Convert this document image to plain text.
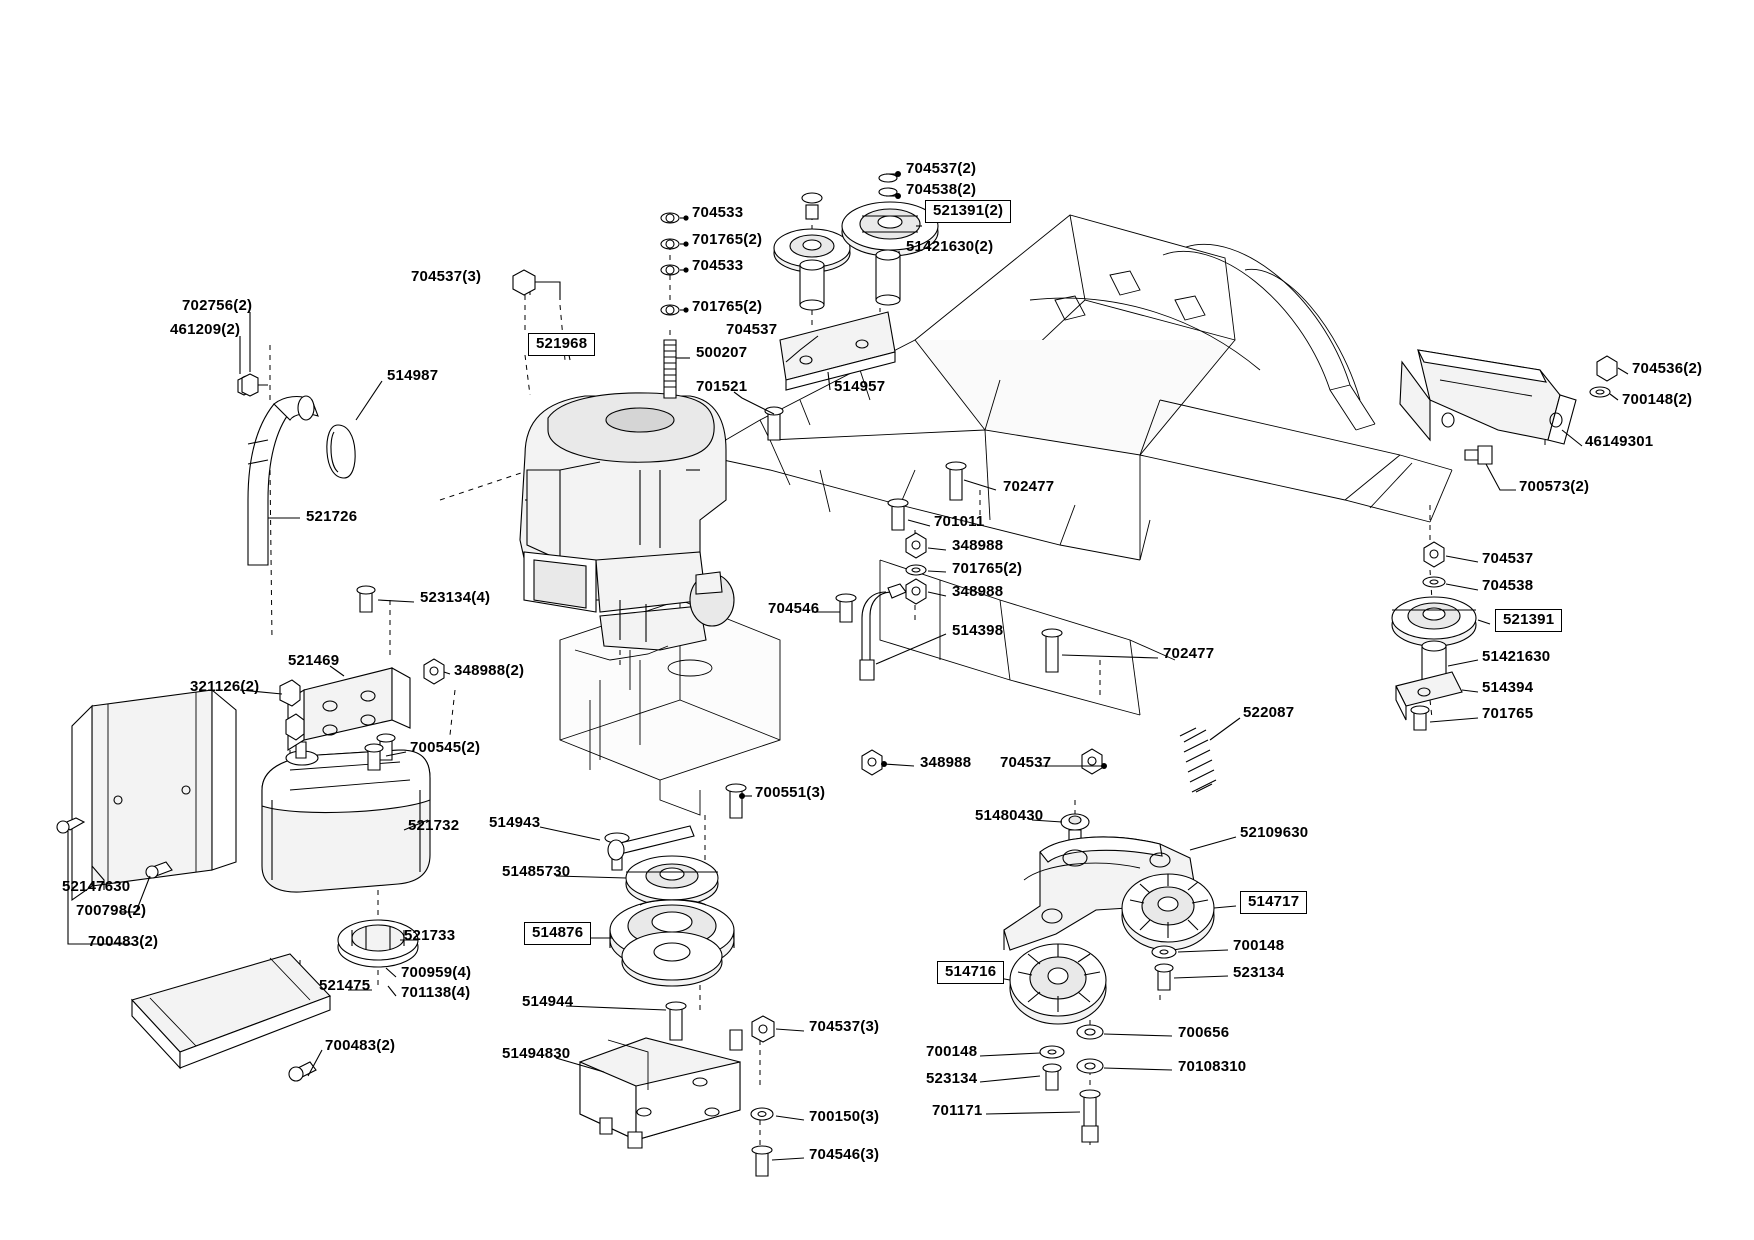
704537(2)
704538(2)
521391(2)
51421630(2)
704533
701765(2)
704533
701765(2)
704537(3)
704537
521968
500207
514957
701521
702756(2)
461209(2)
514987
521726
704536(2)
700148(2)
46149301
700573(2)
702477
701011
348988
701765(2)
348988
704546
514398
702477
704537
704538
521391
51421630
514394
701765
523134(4)
521469
348988(2)
321126(2)
700545(2)
348988 704537
522087
51480430
52109630
521732
52147630
700798(2)
700483(2)
700551(3)
514943
51485730
514876
514717
700148
523134
514716
521733
700959(4)
701138(4)
521475
700483(2)
514944
51494830
704537(3)
700150(3)
704546(3)
700656
70108310
700148
523134
701171
